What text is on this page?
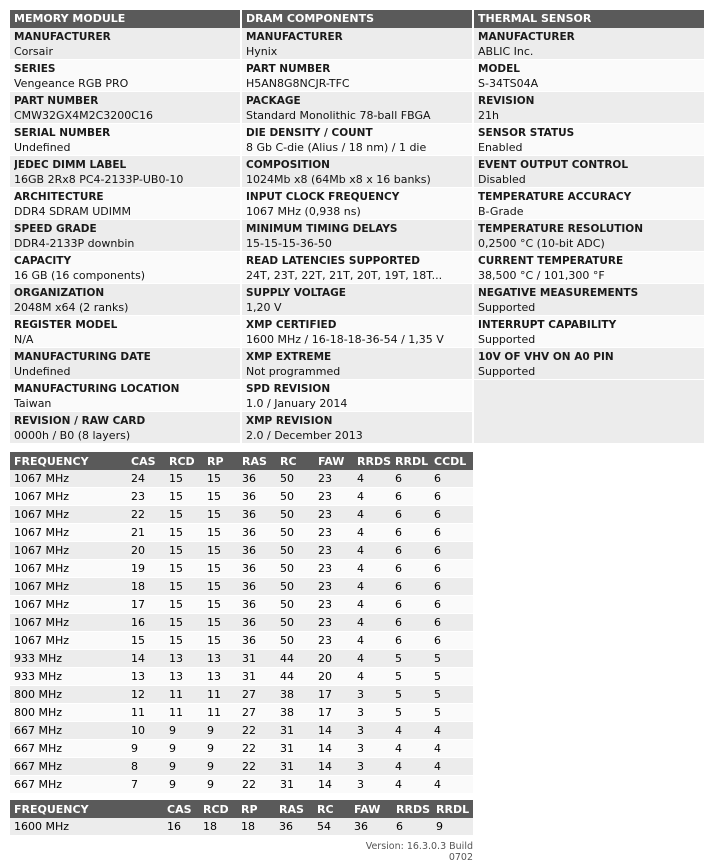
MEMORY MODULE
MANUFACTURER
Corsair
SERIES
Vengeance RGB PRO
PART NUMBER
CMW32GX4M2C3200C16
SERIAL NUMBER
Undefined
JEDEC DIMM LABEL
16GB 2Rx8 PC4-2133P-UB0-10
ARCHITECTURE
DDR4 SDRAM UDIMM
SPEED GRADE
DDR4-2133P downbin
CAPACITY
16 GB (16 components)
ORGANIZATION
2048M x64 (2 ranks)
REGISTER MODEL
N/A
MANUFACTURING DATE
Undefined
MANUFACTURING LOCATION
Taiwan
REVISION / RAW CARD
0000h / B0 (8 layers)
DRAM COMPONENTS
MANUFACTURER
Hynix
PART NUMBER
H5AN8G8NCJR-TFC
PACKAGE
Standard Monolithic 78-ball FBGA
DIE DENSITY / COUNT
8 Gb C-die (Alius / 18 nm) / 1 die
COMPOSITION
1024Mb x8 (64Mb x8 x 16 banks)
INPUT CLOCK FREQUENCY
1067 MHz (0,938 ns)
MINIMUM TIMING DELAYS
15-15-15-36-50
READ LATENCIES SUPPORTED
24T, 23T, 22T, 21T, 20T, 19T, 18T...
SUPPLY VOLTAGE
1,20 V
XMP CERTIFIED
1600 MHz / 16-18-18-36-54 / 1,35 V
XMP EXTREME
Not programmed
SPD REVISION
1.0 / January 2014
XMP REVISION
2.0 / December 2013
THERMAL SENSOR
MANUFACTURER
ABLIC Inc.
MODEL
S-34TS04A
REVISION
21h
SENSOR STATUS
Enabled
EVENT OUTPUT CONTROL
Disabled
TEMPERATURE ACCURACY
B-Grade
TEMPERATURE RESOLUTION
0,2500 °C (10-bit ADC)
CURRENT TEMPERATURE
38,500 °C / 101,300 °F
NEGATIVE MEASUREMENTS
Supported
INTERRUPT CAPABILITY
Supported
10V OF VHV ON A0 PIN
Supported
FREQUENCY	CAS	RCD	RP	RAS	RC	FAW	RRDS	RRDL	CCDL
1067 MHz	24	15	15	36	50	23	4	6	6
1067 MHz	23	15	15	36	50	23	4	6	6
1067 MHz	22	15	15	36	50	23	4	6	6
1067 MHz	21	15	15	36	50	23	4	6	6
1067 MHz	20	15	15	36	50	23	4	6	6
1067 MHz	19	15	15	36	50	23	4	6	6
1067 MHz	18	15	15	36	50	23	4	6	6
1067 MHz	17	15	15	36	50	23	4	6	6
1067 MHz	16	15	15	36	50	23	4	6	6
1067 MHz	15	15	15	36	50	23	4	6	6
933 MHz	14	13	13	31	44	20	4	5	5
933 MHz	13	13	13	31	44	20	4	5	5
800 MHz	12	11	11	27	38	17	3	5	5
800 MHz	11	11	11	27	38	17	3	5	5
667 MHz	10	9	9	22	31	14	3	4	4
667 MHz	9	9	9	22	31	14	3	4	4
667 MHz	8	9	9	22	31	14	3	4	4
667 MHz	7	9	9	22	31	14	3	4	4
FREQUENCY	CAS	RCD	RP	RAS	RC	FAW	RRDS	RRDL
1600 MHz	16	18	18	36	54	36	6	9
Version: 16.3.0.3 Build 0702
